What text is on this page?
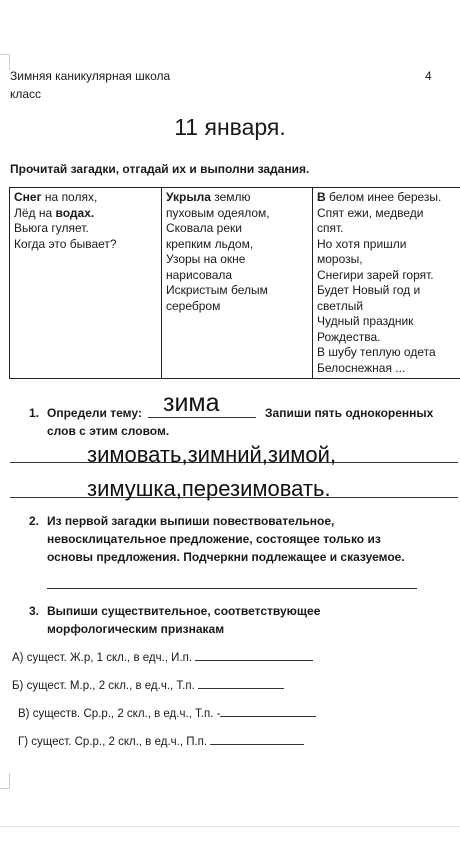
Зимняя каникулярная школа
класс
4
11 января.
Прочитай загадки, отгадай их и выполни задания.
Снег на полях,
Лёд на водах.
Вьюга гуляет.
Когда это бывает?

Укрыла землю
пуховым одеялом,
Сковала реки
крепким льдом,
Узоры на окне
нарисовала
Искристым белым
серебром

В белом инее березы.
Спят ежи, медведи
спят.
Но хотя пришли
морозы,
Снегири зарей горят.
Будет Новый год и
светлый
Чудный праздник
Рождества.
В шубу теплую одета
Белоснежная ...
1. Определи тему: зима	Запиши пять однокоренных
слов с этим словом.
зимовать,зимний,зимой,
зимушка,перезимовать.
2. Из первой загадки выпиши повествовательное,
невосклицательное предложение, состоящее только из
основы предложения. Подчеркни подлежащее и сказуемое.
3. Выпиши существительное, соответствующее
морфологическим признакам
А) сущест. Ж.р, 1 скл., в едч., И.п.
Б) сущест. М.р., 2 скл., в ед.ч., Т.п.
В) существ. Ср.р., 2 скл., в ед.ч., Т.п. -
Г) сущест. Ср.р., 2 скл., в ед.ч., П.п.
